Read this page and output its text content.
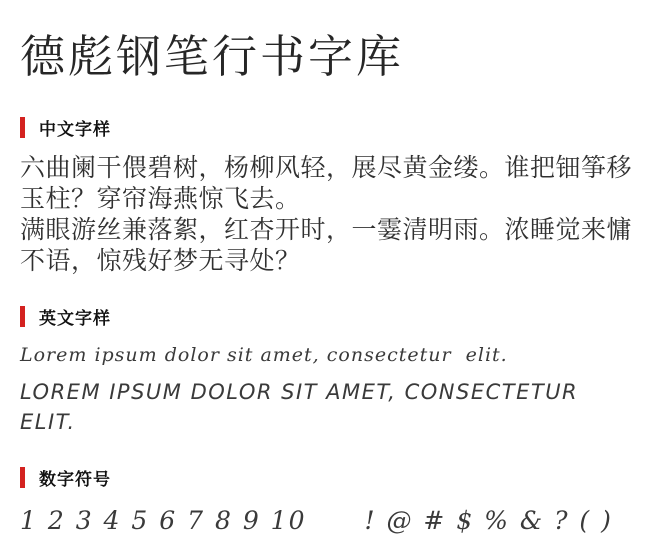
德彪钢笔行书字库
中文字样

六曲阑干偎碧树，杨柳风轻，展尽黄金缕。谁把钿筝移玉柱？穿帘海燕惊飞去。

满眼游丝兼落絮，红杏开时，一霎清明雨。浓睡觉来慵不语，惊残好梦无寻处？

英文字样

Lorem ipsum dolor sit amet, consectetur  elit.

LOREM IPSUM DOLOR SIT AMET, CONSECTETUR ELIT.

数字符号
1 2 3 4 5 6 7 8 9 10 ! @ # $ % & ? ( )
